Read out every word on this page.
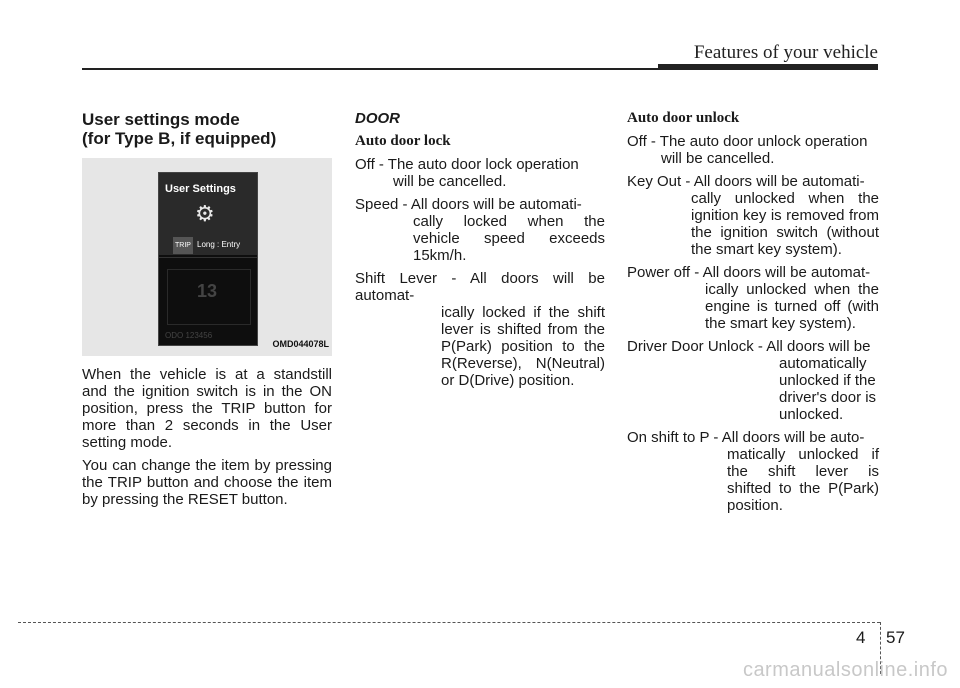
Features of your vehicle
User settings mode
(for Type B, if equipped)
User Settings
⚙
TRIP Long : Entry
13
ODO 123456
OMD044078L

When the vehicle is at a standstill and the ignition switch is in the ON position, press the TRIP button for more than 2 seconds in the User setting mode.

You can change the item by pressing the TRIP button and choose the item by pressing the RESET button.

DOOR
Auto door lock

Off - The auto door lock operation

will be cancelled.

Speed - All doors will be automati-

cally locked when the vehicle speed exceeds 15km/h.

Shift Lever - All doors will be automat-

ically locked if the shift lever is shifted from the P(Park) position to the R(Reverse), N(Neutral) or D(Drive) position.

Auto door unlock

Off - The auto door unlock operation

will be cancelled.

Key Out - All doors will be automati-

cally unlocked when the ignition key is removed from the ignition switch (without the smart key system).

Power off - All doors will be automat-

ically unlocked when the engine is turned off (with the smart key system).

Driver Door Unlock - All doors will be

automatically unlocked if the driver's door is unlocked.

On shift to P - All doors will be auto-

matically unlocked if the shift lever is shifted to the P(Park) position.

4 57
carmanualsonline.info
